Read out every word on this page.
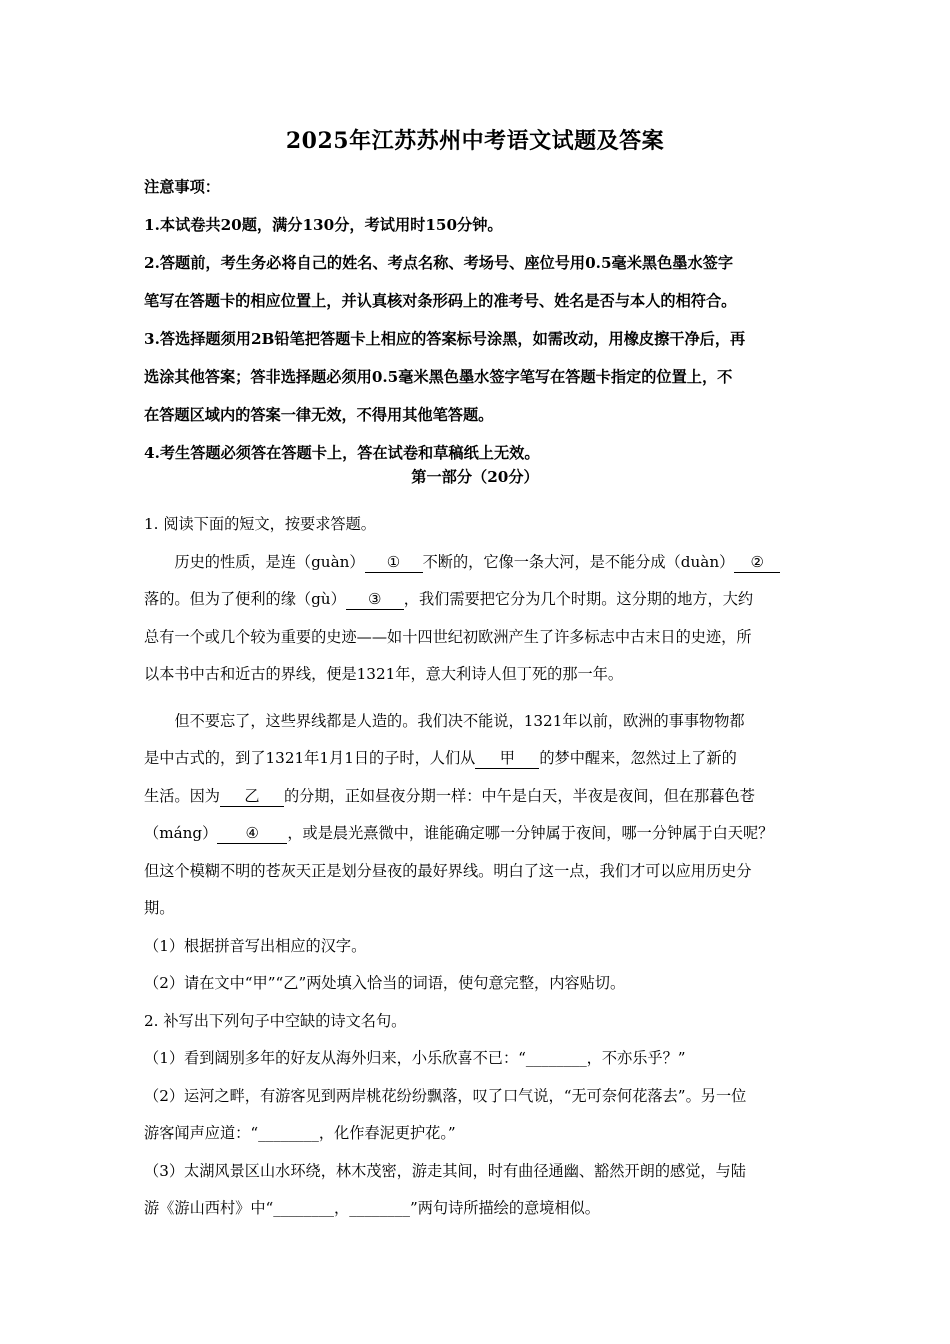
2025年江苏苏州中考语文试题及答案

注意事项：

1.本试卷共20题，满分130分，考试用时150分钟。

2.答题前，考生务必将自己的姓名、考点名称、考场号、座位号用0.5毫米黑色墨水签字

笔写在答题卡的相应位置上，并认真核对条形码上的准考号、姓名是否与本人的相符合。

3.答选择题须用2B铅笔把答题卡上相应的答案标号涂黑，如需改动，用橡皮擦干净后，再

选涂其他答案；答非选择题必须用0.5毫米黑色墨水签字笔写在答题卡指定的位置上，不

在答题区域内的答案一律无效，不得用其他笔答题。

4.考生答题必须答在答题卡上，答在试卷和草稿纸上无效。

第一部分（20分）

1. 阅读下面的短文，按要求答题。

历史的性质，是连（guàn） ① 不断的，它像一条大河，是不能分成（duàn） ②

落的。但为了便利的缘（gù） ③ ，我们需要把它分为几个时期。这分期的地方，大约

总有一个或几个较为重要的史迹——如十四世纪初欧洲产生了许多标志中古末日的史迹，所

以本书中古和近古的界线，便是1321年，意大利诗人但丁死的那一年。

但不要忘了，这些界线都是人造的。我们决不能说，1321年以前，欧洲的事事物物都

是中古式的，到了1321年1月1日的子时，人们从 甲 的梦中醒来，忽然过上了新的

生活。因为 乙 的分期，正如昼夜分期一样：中午是白天，半夜是夜间，但在那暮色苍

（máng） ④ ，或是晨光熹微中，谁能确定哪一分钟属于夜间，哪一分钟属于白天呢？

但这个模糊不明的苍灰天正是划分昼夜的最好界线。明白了这一点，我们才可以应用历史分

期。

（1）根据拼音写出相应的汉字。

（2）请在文中“甲”“乙”两处填入恰当的词语，使句意完整，内容贴切。

2. 补写出下列句子中空缺的诗文名句。

（1）看到阔别多年的好友从海外归来，小乐欣喜不已：“________，不亦乐乎？”

（2）运河之畔，有游客见到两岸桃花纷纷飘落，叹了口气说，“无可奈何花落去”。另一位

游客闻声应道：“________，化作春泥更护花。”

（3）太湖风景区山水环绕，林木茂密，游走其间，时有曲径通幽、豁然开朗的感觉，与陆

游《游山西村》中“________，________”两句诗所描绘的意境相似。
